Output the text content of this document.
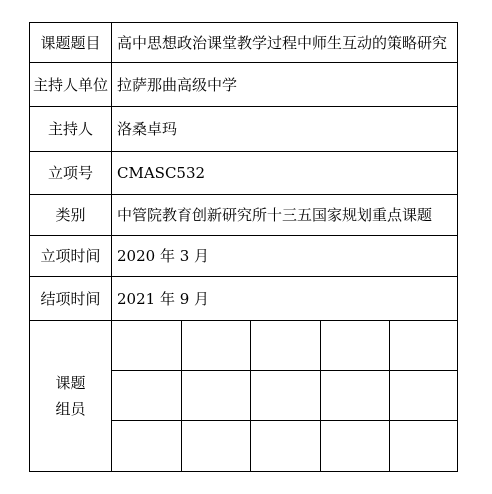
课题题目	高中思想政治课堂教学过程中师生互动的策略研究				
主持人单位	拉萨那曲高级中学				
主持人	洛桑卓玛				
立项号	CMASC532				
类别	中管院教育创新研究所十三五国家规划重点课题				
立项时间	2020 年 3 月				
结项时间	2021 年 9 月				
课题
组员					
